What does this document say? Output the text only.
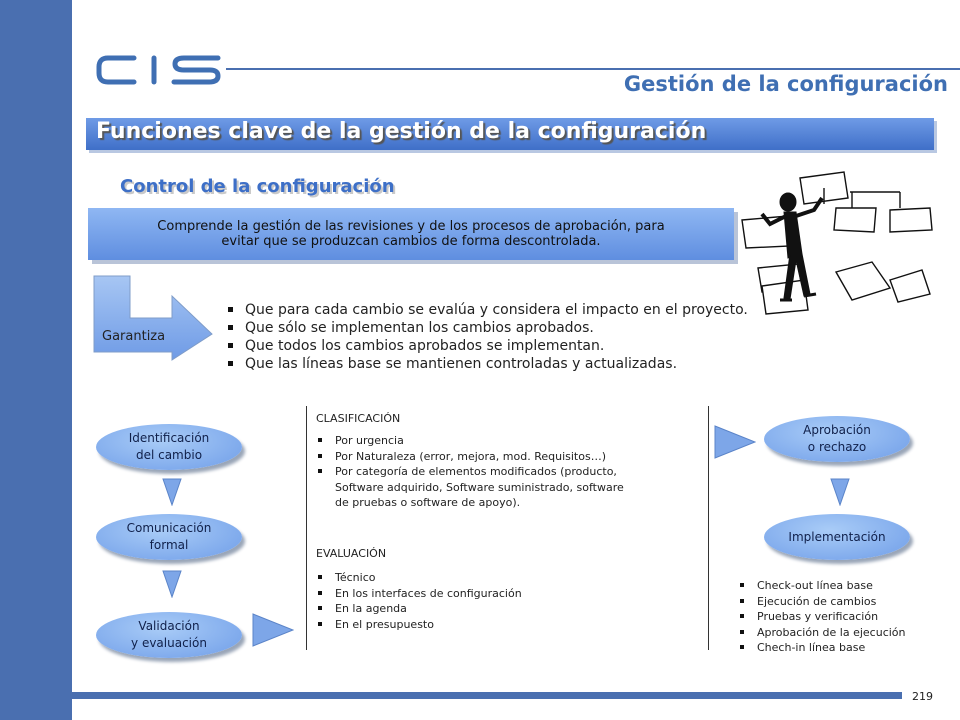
219
Gestión de la configuración
Funciones clave de la gestión de la configuración
Control de la configuración
Comprende la gestión de las revisiones y de los procesos de aprobación, para
evitar que se produzcan cambios de forma descontrolada.
Garantiza
Que para cada cambio se evalúa y considera el impacto en el proyecto.
Que sólo se implementan los cambios aprobados.
Que todos los cambios aprobados se implementan.
Que las líneas base se mantienen controladas y actualizadas.
Identificación
del cambio
Comunicación
formal
Validación
y evaluación
CLASIFICACIÓN
Por urgencia
Por Naturaleza (error, mejora, mod. Requisitos…)
Por categoría de elementos modificados (producto,
Software adquirido, Software suministrado, software
de pruebas o software de apoyo).
EVALUACIÓN
Técnico
En los interfaces de configuración
En la agenda
En el presupuesto
Aprobación
o rechazo
Implementación
Check-out línea base
Ejecución de cambios
Pruebas y verificación
Aprobación de la ejecución
Chech-in línea base
